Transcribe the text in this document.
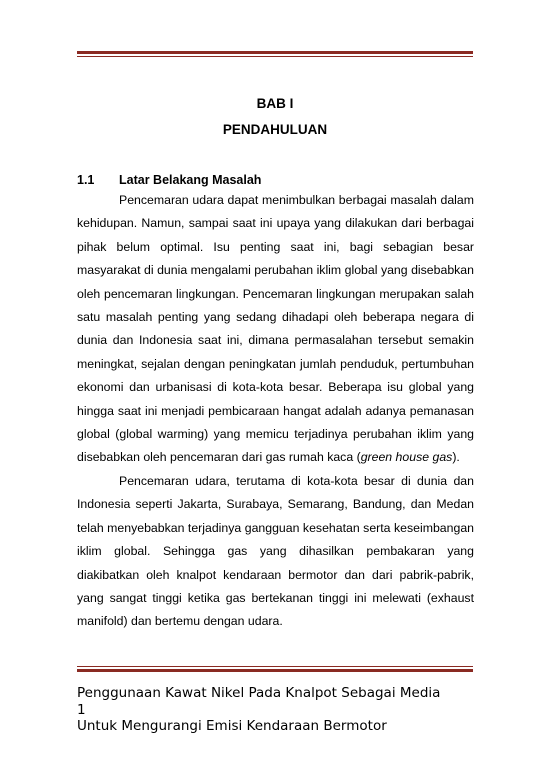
BAB I
PENDAHULUAN
1.1 Latar Belakang Masalah

Pencemaran udara dapat menimbulkan berbagai masalah dalam kehidupan. Namun, sampai saat ini upaya yang dilakukan dari berbagai pihak belum optimal. Isu penting saat ini, bagi sebagian besar masyarakat di dunia mengalami perubahan iklim global yang disebabkan oleh pencemaran lingkungan. Pencemaran lingkungan merupakan salah satu masalah penting yang sedang dihadapi oleh beberapa negara di dunia dan Indonesia saat ini, dimana permasalahan tersebut semakin meningkat, sejalan dengan peningkatan jumlah penduduk, pertumbuhan ekonomi dan urbanisasi di kota-kota besar. Beberapa isu global yang hingga saat ini menjadi pembicaraan hangat adalah adanya pemanasan global (global warming) yang memicu terjadinya perubahan iklim yang disebabkan oleh pencemaran dari gas rumah kaca (green house gas).

Pencemaran udara, terutama di kota-kota besar di dunia dan Indonesia seperti Jakarta, Surabaya, Semarang, Bandung, dan Medan telah menyebabkan terjadinya gangguan kesehatan serta keseimbangan iklim global. Sehingga gas yang dihasilkan pembakaran yang diakibatkan oleh knalpot kendaraan bermotor dan dari pabrik-pabrik, yang sangat tinggi ketika gas bertekanan tinggi ini melewati (exhaust manifold) dan bertemu dengan udara.

Penggunaan Kawat Nikel Pada Knalpot Sebagai Media
1
Untuk Mengurangi Emisi Kendaraan Bermotor
